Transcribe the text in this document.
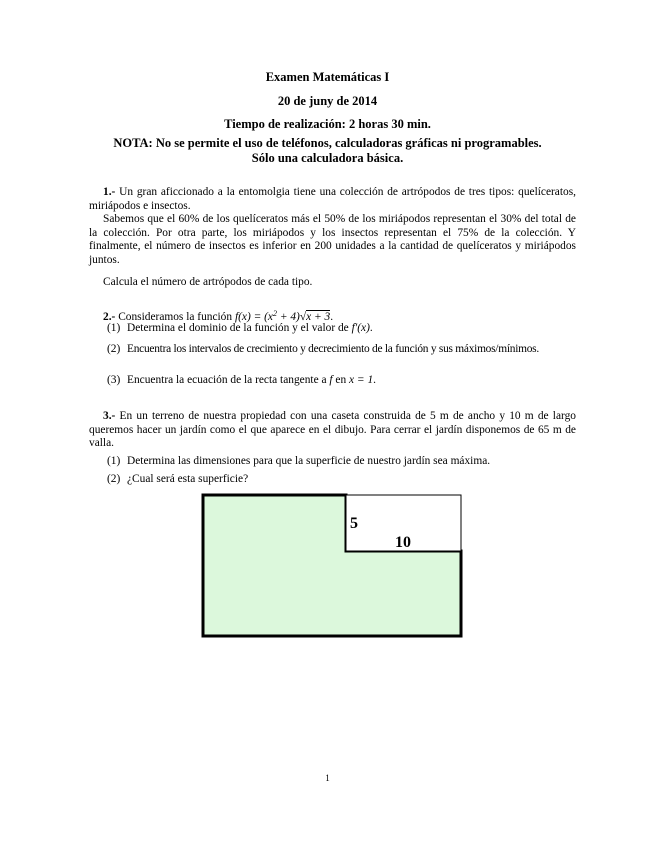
Examen Matemáticas I
20 de juny de 2014
Tiempo de realización: 2 horas 30 min.
NOTA: No se permite el uso de teléfonos, calculadoras gráficas ni programables.
Sólo una calculadora básica.
1.- Un gran aficcionado a la entomolgia tiene una colección de artrópodos de tres tipos: quelíceratos, miriápodos e insectos.
Sabemos que el 60% de los quelíceratos más el 50% de los miriápodos representan el 30% del total de la colección. Por otra parte, los miriápodos y los insectos representan el 75% de la colección. Y finalmente, el número de insectos es inferior en 200 unidades a la cantidad de quelíceratos y miriápodos juntos.
Calcula el número de artrópodos de cada tipo.
2.- Consideramos la función $f(x) = (x^2 + 4)√x + 3$.
(1) Determina el dominio de la función y el valor de f′(x).
(2) Encuentra los intervalos de crecimiento y decrecimiento de la función y sus máximos/mínimos.
(3) Encuentra la ecuación de la recta tangente a f en x = 1.
3.- En un terreno de nuestra propiedad con una caseta construida de 5 m de ancho y 10 m de largo queremos hacer un jardín como el que aparece en el dibujo. Para cerrar el jardín disponemos de 65 m de valla.
(1) Determina las dimensiones para que la superficie de nuestro jardín sea máxima.
(2) ¿Cual será esta superficie?
5
10
1
